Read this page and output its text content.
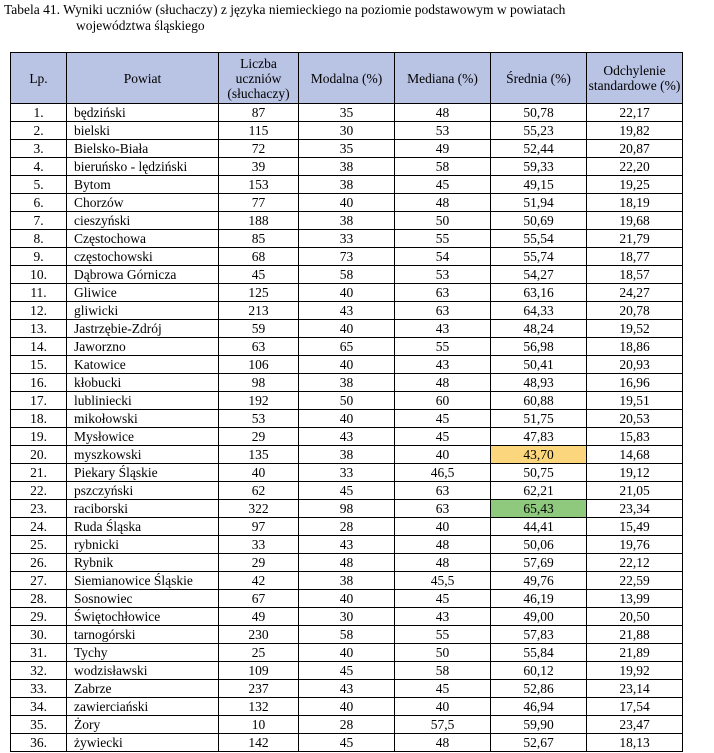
Tabela 41. Wyniki uczniów (słuchaczy) z języka niemieckiego na poziomie podstawowym w powiatach
województwa śląskiego
Lp.	Powiat	Liczba uczniów (słuchaczy)	Modalna (%)	Mediana (%)	Średnia (%)	Odchylenie standardowe (%)
1.	będziński	87	35	48	50,78	22,17
2.	bielski	115	30	53	55,23	19,82
3.	Bielsko-Biała	72	35	49	52,44	20,87
4.	bieruńsko - lędziński	39	38	58	59,33	22,20
5.	Bytom	153	38	45	49,15	19,25
6.	Chorzów	77	40	48	51,94	18,19
7.	cieszyński	188	38	50	50,69	19,68
8.	Częstochowa	85	33	55	55,54	21,79
9.	częstochowski	68	73	54	55,74	18,77
10.	Dąbrowa Górnicza	45	58	53	54,27	18,57
11.	Gliwice	125	40	63	63,16	24,27
12.	gliwicki	213	43	63	64,33	20,78
13.	Jastrzębie-Zdrój	59	40	43	48,24	19,52
14.	Jaworzno	63	65	55	56,98	18,86
15.	Katowice	106	40	43	50,41	20,93
16.	kłobucki	98	38	48	48,93	16,96
17.	lubliniecki	192	50	60	60,88	19,51
18.	mikołowski	53	40	45	51,75	20,53
19.	Mysłowice	29	43	45	47,83	15,83
20.	myszkowski	135	38	40	43,70	14,68
21.	Piekary Śląskie	40	33	46,5	50,75	19,12
22.	pszczyński	62	45	63	62,21	21,05
23.	raciborski	322	98	63	65,43	23,34
24.	Ruda Śląska	97	28	40	44,41	15,49
25.	rybnicki	33	43	48	50,06	19,76
26.	Rybnik	29	48	48	57,69	22,12
27.	Siemianowice Śląskie	42	38	45,5	49,76	22,59
28.	Sosnowiec	67	40	45	46,19	13,99
29.	Świętochłowice	49	30	43	49,00	20,50
30.	tarnogórski	230	58	55	57,83	21,88
31.	Tychy	25	40	50	55,84	21,89
32.	wodzisławski	109	45	58	60,12	19,92
33.	Zabrze	237	43	45	52,86	23,14
34.	zawierciański	132	40	40	46,94	17,54
35.	Żory	10	28	57,5	59,90	23,47
36.	żywiecki	142	45	48	52,67	18,13
